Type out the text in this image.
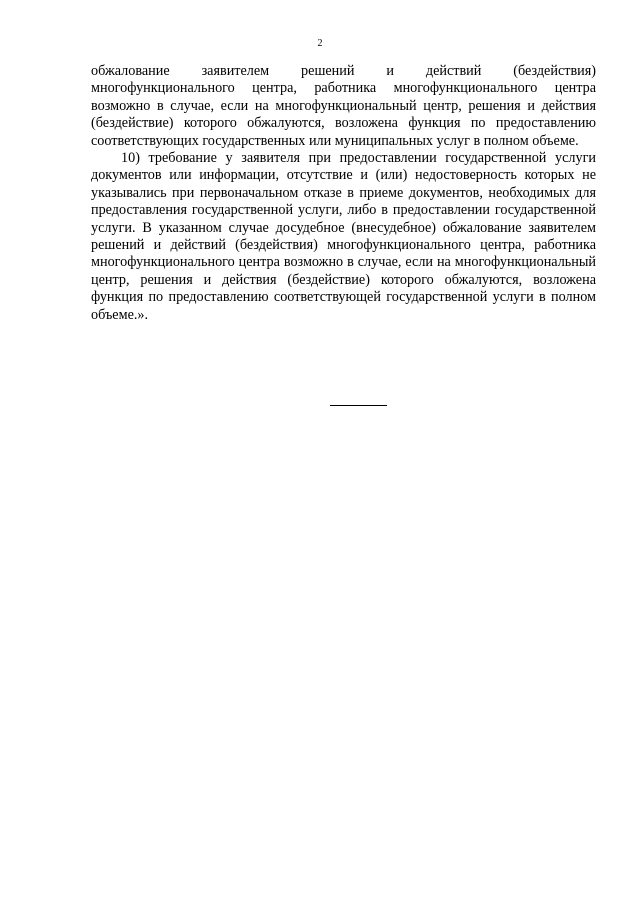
2

обжалование заявителем решений и действий (бездействия) многофункционального центра, работника многофункционального центра возможно в случае, если на многофункциональный центр, решения и действия (бездействие) которого обжалуются, возложена функция по предоставлению соответствующих государственных или муниципальных услуг в полном объеме.

10) требование у заявителя при предоставлении государственной услуги документов или информации, отсутствие и (или) недостоверность которых не указывались при первоначальном отказе в приеме документов, необходимых для предоставления государственной услуги, либо в предоставлении государственной услуги. В указанном случае досудебное (внесудебное) обжалование заявителем решений и действий (бездействия) многофункционального центра, работника многофункционального центра возможно в случае, если на многофункциональный центр, решения и действия (бездействие) которого обжалуются, возложена функция по предоставлению соответствующей государственной услуги в полном объеме.».
